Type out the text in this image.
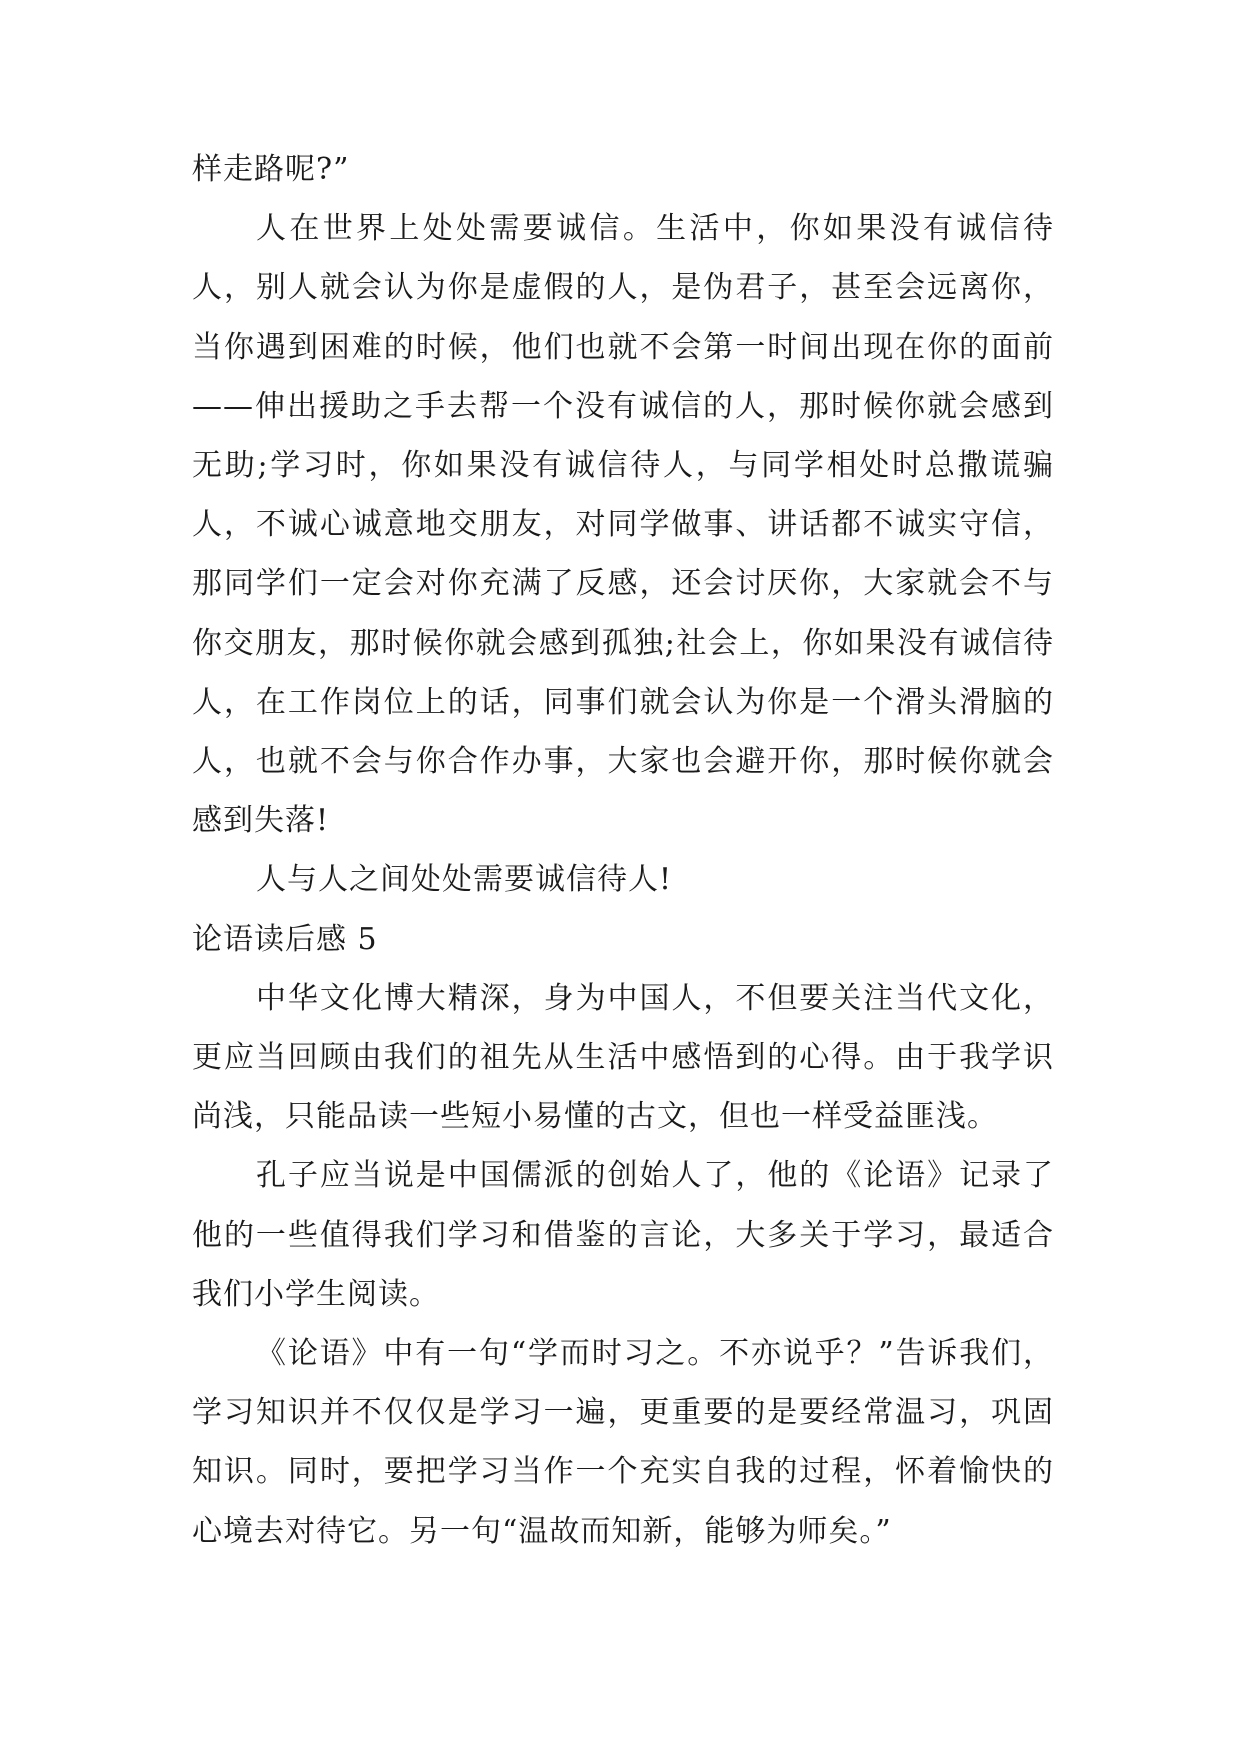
样走路呢?”

人在世界上处处需要诚信。生活中，你如果没有诚信待人，别人就会认为你是虚假的人，是伪君子，甚至会远离你，当你遇到困难的时候，他们也就不会第一时间出现在你的面前——伸出援助之手去帮一个没有诚信的人，那时候你就会感到无助;学习时，你如果没有诚信待人，与同学相处时总撒谎骗人，不诚心诚意地交朋友，对同学做事、讲话都不诚实守信，那同学们一定会对你充满了反感，还会讨厌你，大家就会不与你交朋友，那时候你就会感到孤独;社会上，你如果没有诚信待人，在工作岗位上的话，同事们就会认为你是一个滑头滑脑的人，也就不会与你合作办事，大家也会避开你，那时候你就会感到失落!

人与人之间处处需要诚信待人!

论语读后感 5

中华文化博大精深，身为中国人，不但要关注当代文化，更应当回顾由我们的祖先从生活中感悟到的心得。由于我学识尚浅，只能品读一些短小易懂的古文，但也一样受益匪浅。

孔子应当说是中国儒派的创始人了，他的《论语》记录了他的一些值得我们学习和借鉴的言论，大多关于学习，最适合我们小学生阅读。

《论语》中有一句“学而时习之。不亦说乎？”告诉我们，学习知识并不仅仅是学习一遍，更重要的是要经常温习，巩固知识。同时，要把学习当作一个充实自我的过程，怀着愉快的心境去对待它。另一句“温故而知新，能够为师矣。”
